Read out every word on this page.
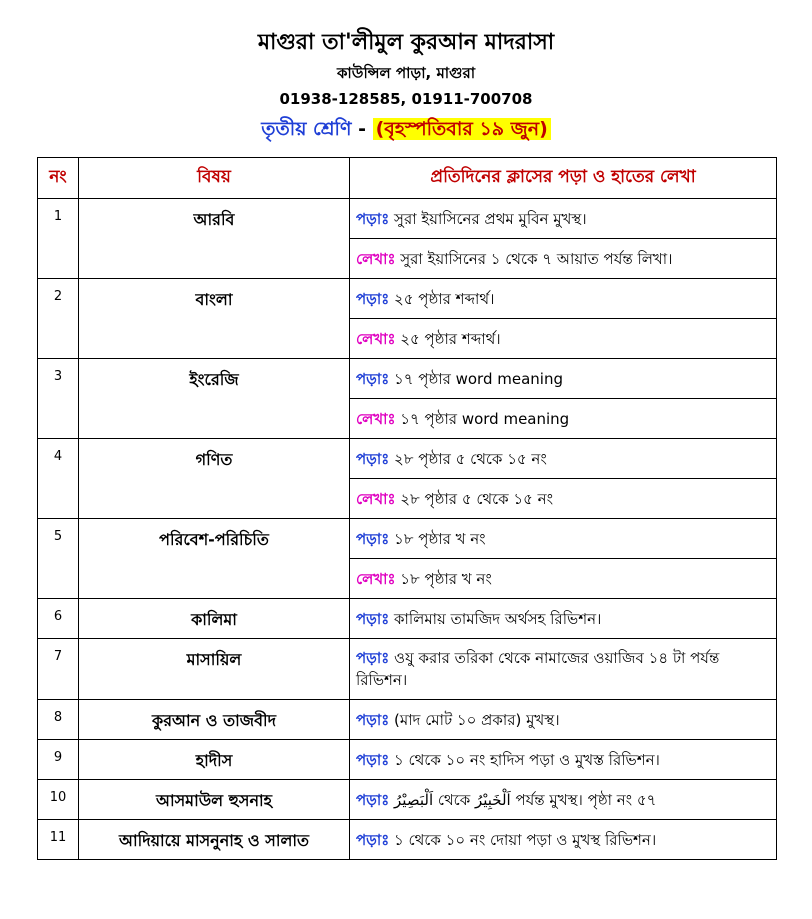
মাগুরা তা'লীমুল কুরআন মাদরাসা
কাউন্সিল পাড়া, মাগুরা
01938-128585, 01911-700708
তৃতীয় শ্রেণি - (বৃহস্পতিবার ১৯ জুন)
নং	বিষয়	প্রতিদিনের ক্লাসের পড়া ও হাতের লেখা
1	আরবি	পড়াঃ সুরা ইয়াসিনের প্রথম মুবিন মুখস্থ।
		লেখাঃ সুরা ইয়াসিনের ১ থেকে ৭ আয়াত পর্যন্ত লিখা।
2	বাংলা	পড়াঃ ২৫ পৃষ্ঠার শব্দার্থ।
		লেখাঃ ২৫ পৃষ্ঠার শব্দার্থ।
3	ইংরেজি	পড়াঃ ১৭ পৃষ্ঠার word meaning
		লেখাঃ ১৭ পৃষ্ঠার word meaning
4	গণিত	পড়াঃ ২৮ পৃষ্ঠার ৫ থেকে ১৫ নং
		লেখাঃ ২৮ পৃষ্ঠার ৫ থেকে ১৫ নং
5	পরিবেশ-পরিচিতি	পড়াঃ ১৮ পৃষ্ঠার খ নং
		লেখাঃ ১৮ পৃষ্ঠার খ নং
6	কালিমা	পড়াঃ কালিমায় তামজিদ অর্থসহ রিভিশন।
7	মাসায়িল	পড়াঃ ওযু করার তরিকা থেকে নামাজের ওয়াজিব ১৪ টা পর্যন্ত রিভিশন।
8	কুরআন ও তাজবীদ	পড়াঃ (মাদ মোট ১০ প্রকার) মুখস্থ।
9	হাদীস	পড়াঃ ১ থেকে ১০ নং হাদিস পড়া ও মুখস্ত রিভিশন।
10	আসমাউল হুসনাহ	পড়াঃ اَلْبَصِيْرُ থেকে اَلْخَبِيْرُ পর্যন্ত মুখস্থ। পৃষ্ঠা নং ৫৭
11	আদিয়ায়ে মাসনুনাহ ও সালাত	পড়াঃ ১ থেকে ১০ নং দোয়া পড়া ও মুখস্থ রিভিশন।
